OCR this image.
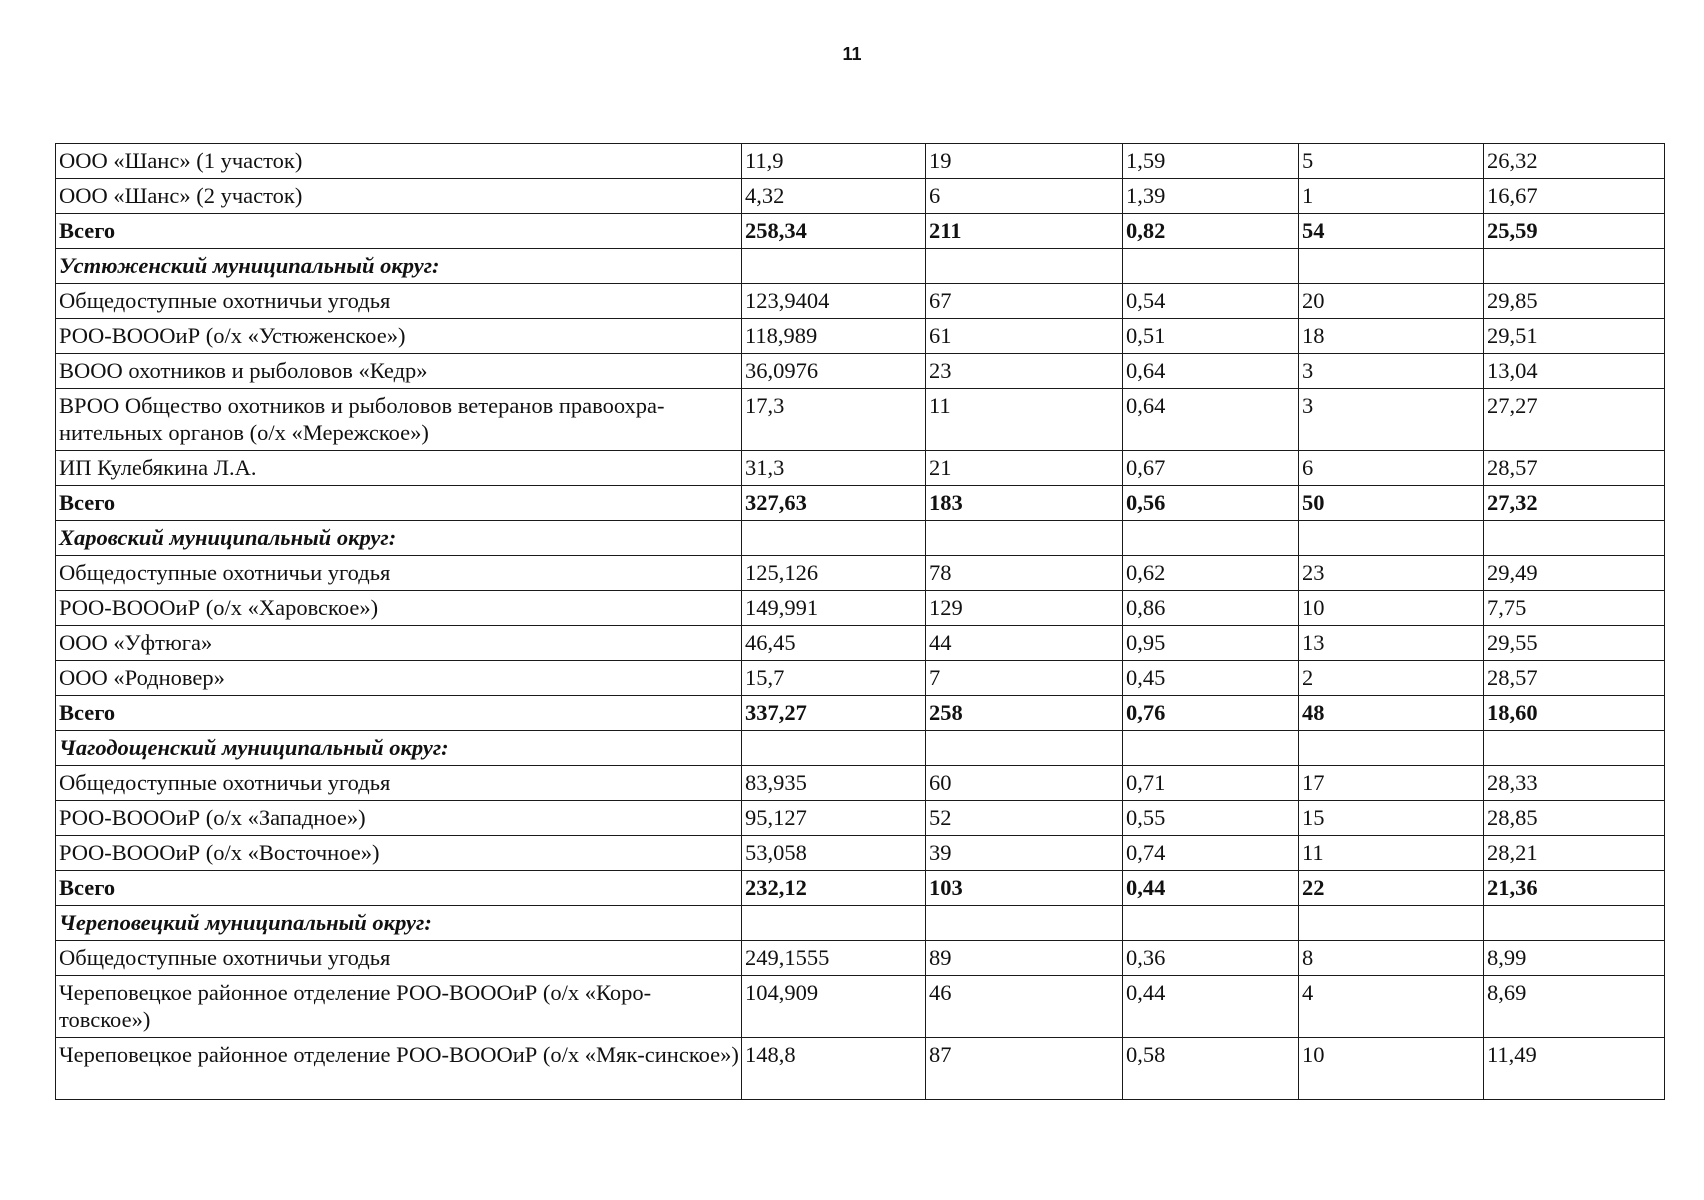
11
ООО «Шанс» (1 участок)	11,9	19	1,59	5	26,32
ООО «Шанс» (2 участок)	4,32	6	1,39	1	16,67
Всего	258,34	211	0,82	54	25,59
Устюженский муниципальный округ:					
Общедоступные охотничьи угодья	123,9404	67	0,54	20	29,85
РОО-ВОООиР (о/х «Устюженское»)	118,989	61	0,51	18	29,51
ВООО охотников и рыболовов «Кедр»	36,0976	23	0,64	3	13,04
ВРОО Общество охотников и рыболовов ветеранов правоохра-нительных органов (о/х «Мережское»)	17,3	11	0,64	3	27,27
ИП Кулебякина Л.А.	31,3	21	0,67	6	28,57
Всего	327,63	183	0,56	50	27,32
Харовский муниципальный округ:					
Общедоступные охотничьи угодья	125,126	78	0,62	23	29,49
РОО-ВОООиР (о/х «Харовское»)	149,991	129	0,86	10	7,75
ООО «Уфтюга»	46,45	44	0,95	13	29,55
ООО «Родновер»	15,7	7	0,45	2	28,57
Всего	337,27	258	0,76	48	18,60
Чагодощенский муниципальный округ:					
Общедоступные охотничьи угодья	83,935	60	0,71	17	28,33
РОО-ВОООиР (о/х «Западное»)	95,127	52	0,55	15	28,85
РОО-ВОООиР (о/х «Восточное»)	53,058	39	0,74	11	28,21
Всего	232,12	103	0,44	22	21,36
Череповецкий муниципальный округ:					
Общедоступные охотничьи угодья	249,1555	89	0,36	8	8,99
Череповецкое районное отделение РОО-ВОООиР (о/х «Коро-товское»)	104,909	46	0,44	4	8,69
Череповецкое районное отделение РОО-ВОООиР (о/х «Мяк-синское»)	148,8	87	0,58	10	11,49
